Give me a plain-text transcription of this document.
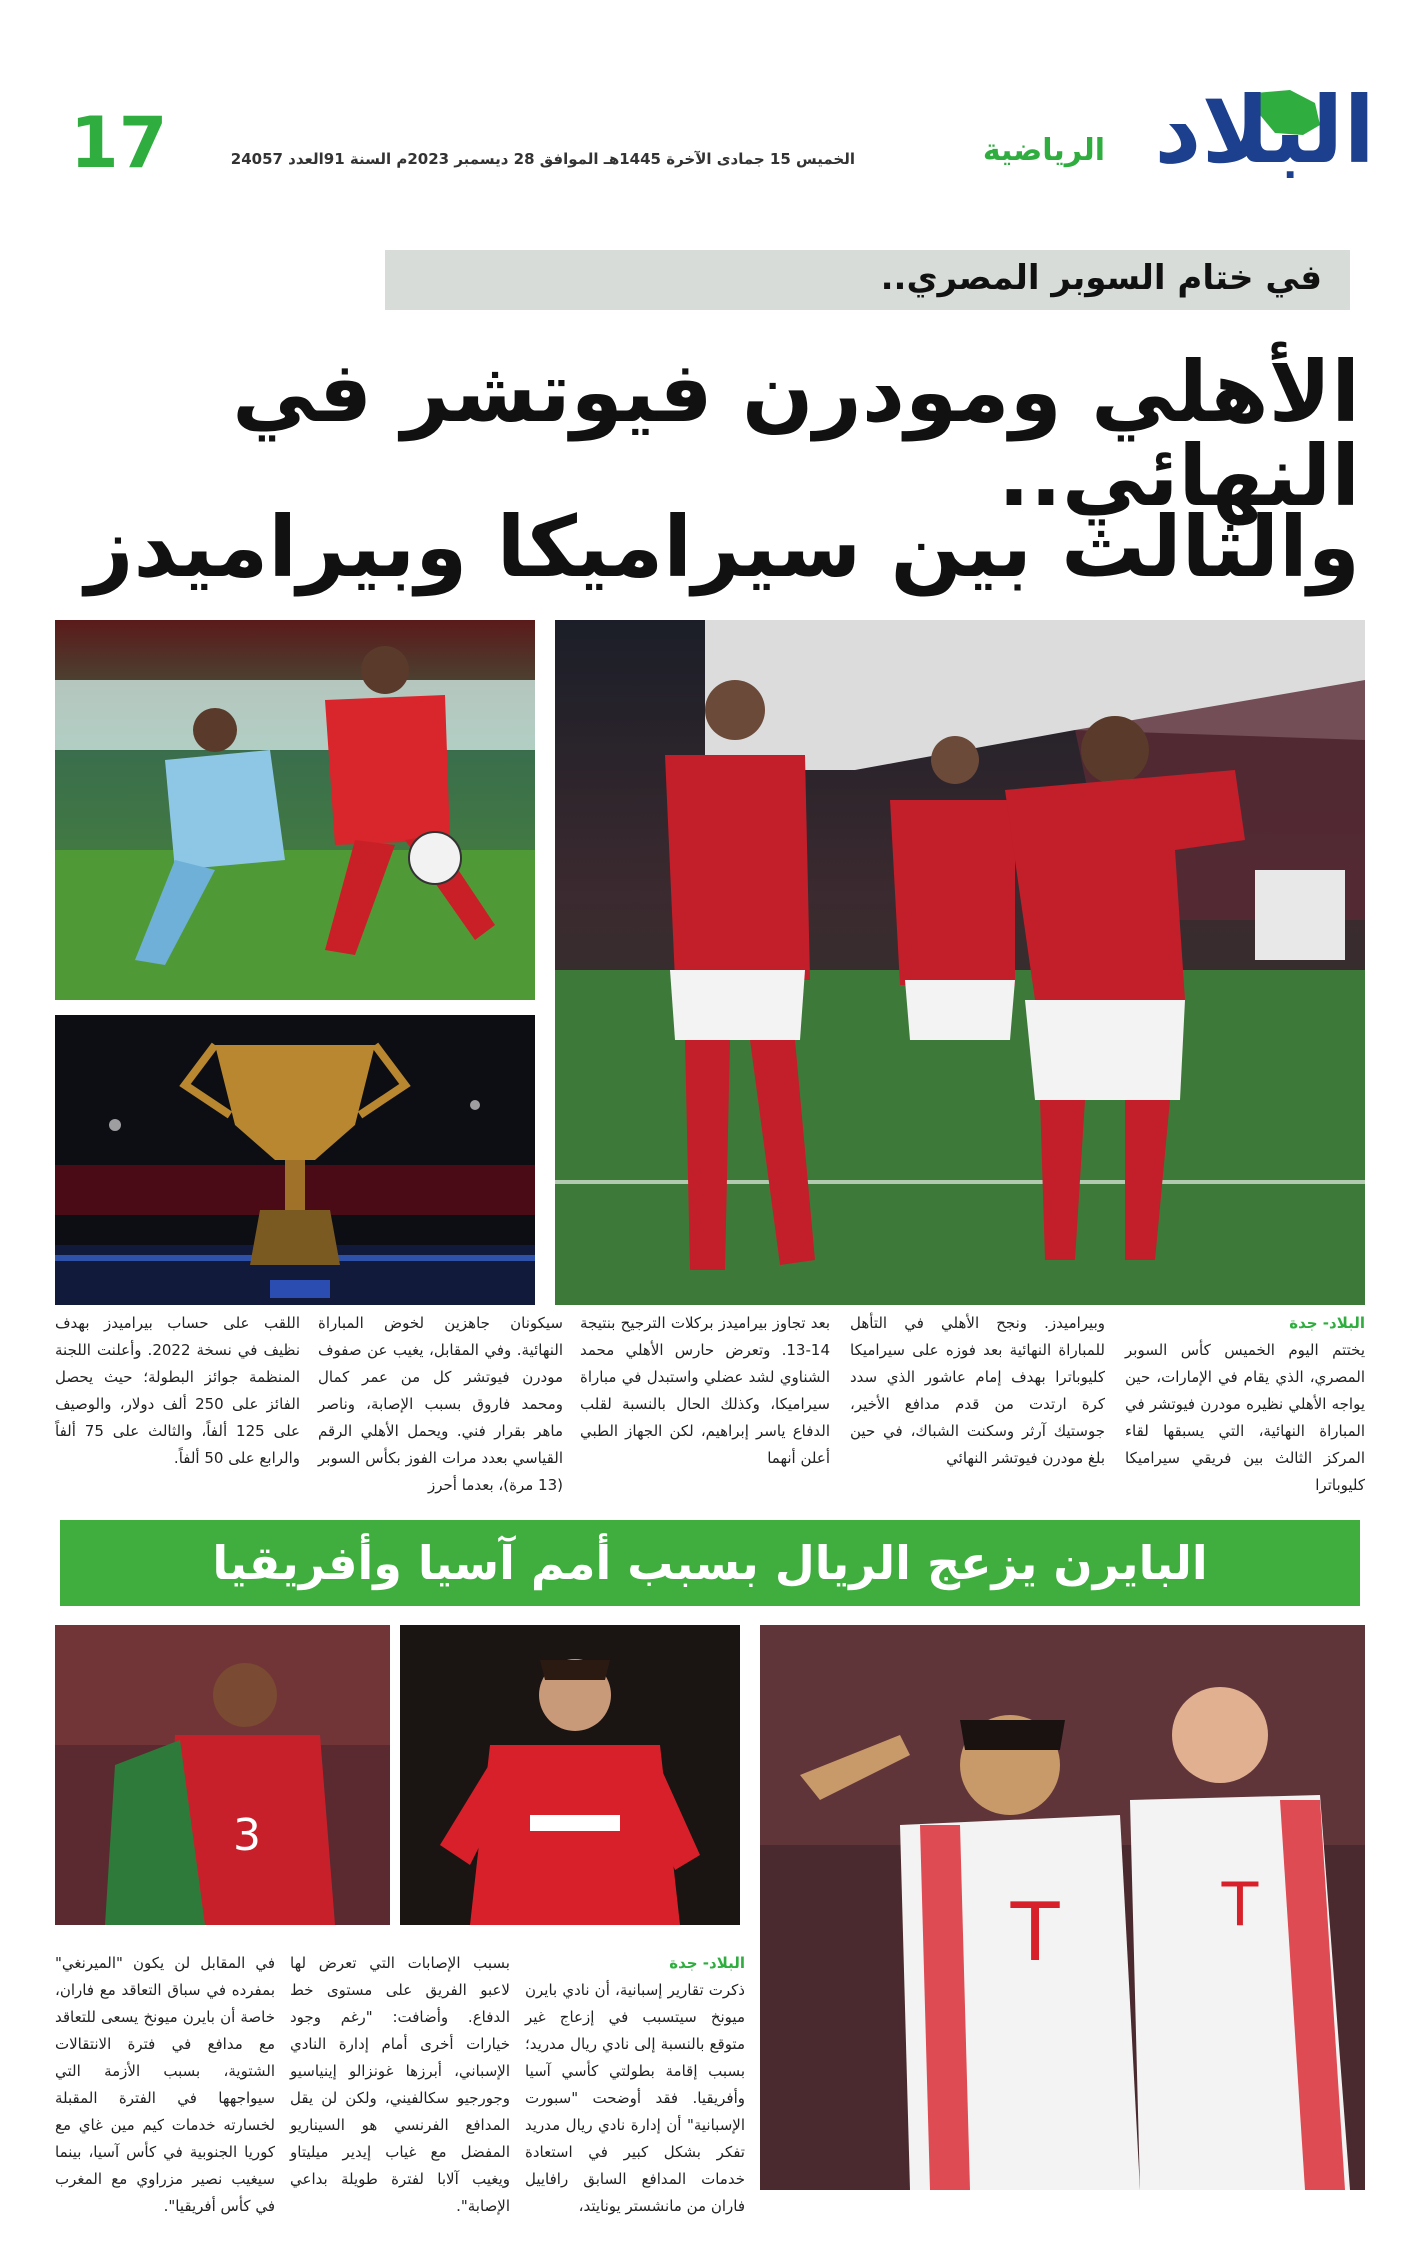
17	الخميس 15 جمادى الآخرة 1445هـ الموافق 28 ديسمبر 2023م السنة 91العدد 24057	الرياضية البلاد
في ختام السوبر المصري..
الأهلي ومودرن فيوتشر في النهائي..
والثالث بين سيراميكا وبيراميدز
البلاد- جدة
يختتم اليوم الخميس كأس السوبر المصري، الذي يقام في الإمارات، حين يواجه الأهلي نظيره مودرن فيوتشر في المباراة النهائية، التي يسبقها لقاء المركز الثالث بين فريقي سيراميكا كليوباترا
وبيراميدز. ونجح الأهلي في التأهل للمباراة النهائية بعد فوزه على سيراميكا كليوباترا بهدف إمام عاشور الذي سدد كرة ارتدت من قدم مدافع الأخير، جوستيك آرثر وسكنت الشباك، في حين بلغ مودرن فيوتشر النهائي
بعد تجاوز بيراميدز بركلات الترجيح بنتيجة 14-13. وتعرض حارس الأهلي محمد الشناوي لشد عضلي واستبدل في مباراة سيراميكا، وكذلك الحال بالنسبة لقلب الدفاع ياسر إبراهيم، لكن الجهاز الطبي أعلن أنهما
سيكونان جاهزين لخوض المباراة النهائية. وفي المقابل، يغيب عن صفوف مودرن فيوتشر كل من عمر كمال ومحمد فاروق بسبب الإصابة، وناصر ماهر بقرار فني. ويحمل الأهلي الرقم القياسي بعدد مرات الفوز بكأس السوبر (13 مرة)، بعدما أحرز
اللقب على حساب بيراميدز بهدف نظيف في نسخة 2022. وأعلنت اللجنة المنظمة جوائز البطولة؛ حيث يحصل الفائز على 250 ألف دولار، والوصيف على 125 ألفاً، والثالث على 75 ألفاً والرابع على 50 ألفاً.
البايرن يزعج الريال بسبب أمم آسيا وأفريقيا
3
T	T
البلاد- جدة
ذكرت تقارير إسبانية، أن نادي بايرن ميونخ سيتسبب في إزعاج غير متوقع بالنسبة إلى نادي ريال مدريد؛ بسبب إقامة بطولتي كأسي آسيا وأفريقيا. فقد أوضحت "سبورت الإسبانية" أن إدارة نادي ريال مدريد تفكر بشكل كبير في استعادة خدمات المدافع السابق رافاييل فاران من مانشستر يونايتد،
بسبب الإصابات التي تعرض لها لاعبو الفريق على مستوى خط الدفاع. وأضافت: "رغم وجود خيارات أخرى أمام إدارة النادي الإسباني، أبرزها غونزالو إينياسيو وجورجيو سكالفيني، ولكن لن يقل المدافع الفرنسي هو السيناريو المفضل مع غياب إيدير ميليتاو ويغيب آلابا لفترة طويلة بداعي الإصابة".
في المقابل لن يكون "الميرنغي" بمفرده في سباق التعاقد مع فاران، خاصة أن بايرن ميونخ يسعى للتعاقد مع مدافع في فترة الانتقالات الشتوية، بسبب الأزمة التي سيواجهها في الفترة المقبلة لخسارته خدمات كيم مين غاي مع كوريا الجنوبية في كأس آسيا، بينما سيغيب نصير مزراوي مع المغرب في كأس أفريقيا".
